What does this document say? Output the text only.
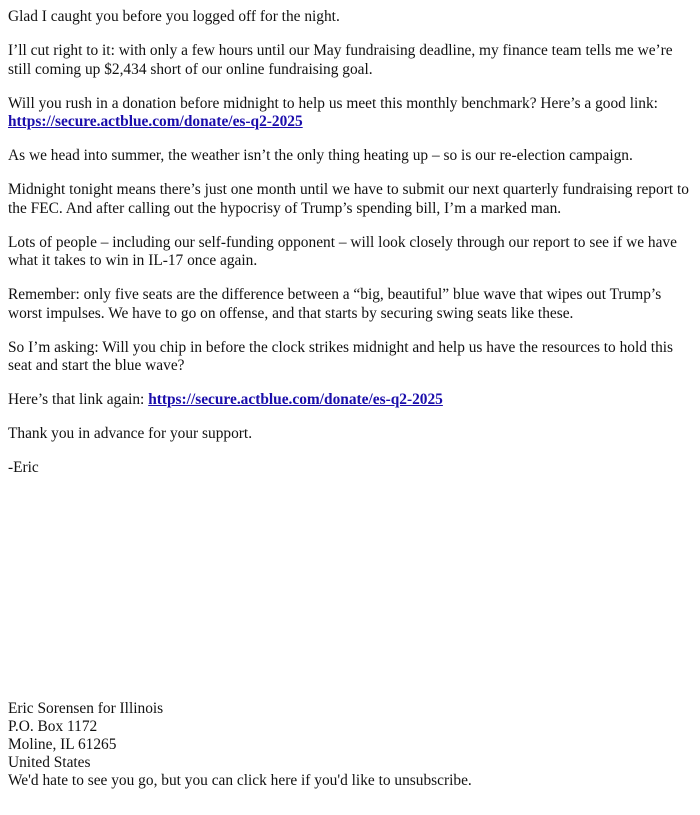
Glad I caught you before you logged off for the night.

I’ll cut right to it: with only a few hours until our May fundraising deadline, my finance team tells me we’re still coming up $2,434 short of our online fundraising goal.

Will you rush in a donation before midnight to help us meet this monthly benchmark? Here’s a good link: https://secure.actblue.com/donate/es-q2-2025

As we head into summer, the weather isn’t the only thing heating up – so is our re-election campaign.

Midnight tonight means there’s just one month until we have to submit our next quarterly fundraising report to the FEC. And after calling out the hypocrisy of Trump’s spending bill, I’m a marked man.

Lots of people – including our self-funding opponent – will look closely through our report to see if we have what it takes to win in IL-17 once again.

Remember: only five seats are the difference between a “big, beautiful” blue wave that wipes out Trump’s worst impulses. We have to go on offense, and that starts by securing swing seats like these.

So I’m asking: Will you chip in before the clock strikes midnight and help us have the resources to hold this seat and start the blue wave?

Here’s that link again: https://secure.actblue.com/donate/es-q2-2025

Thank you in advance for your support.

-Eric

Eric Sorensen for Illinois
P.O. Box 1172
Moline, IL 61265
United States
We'd hate to see you go, but you can click here if you'd like to unsubscribe.
